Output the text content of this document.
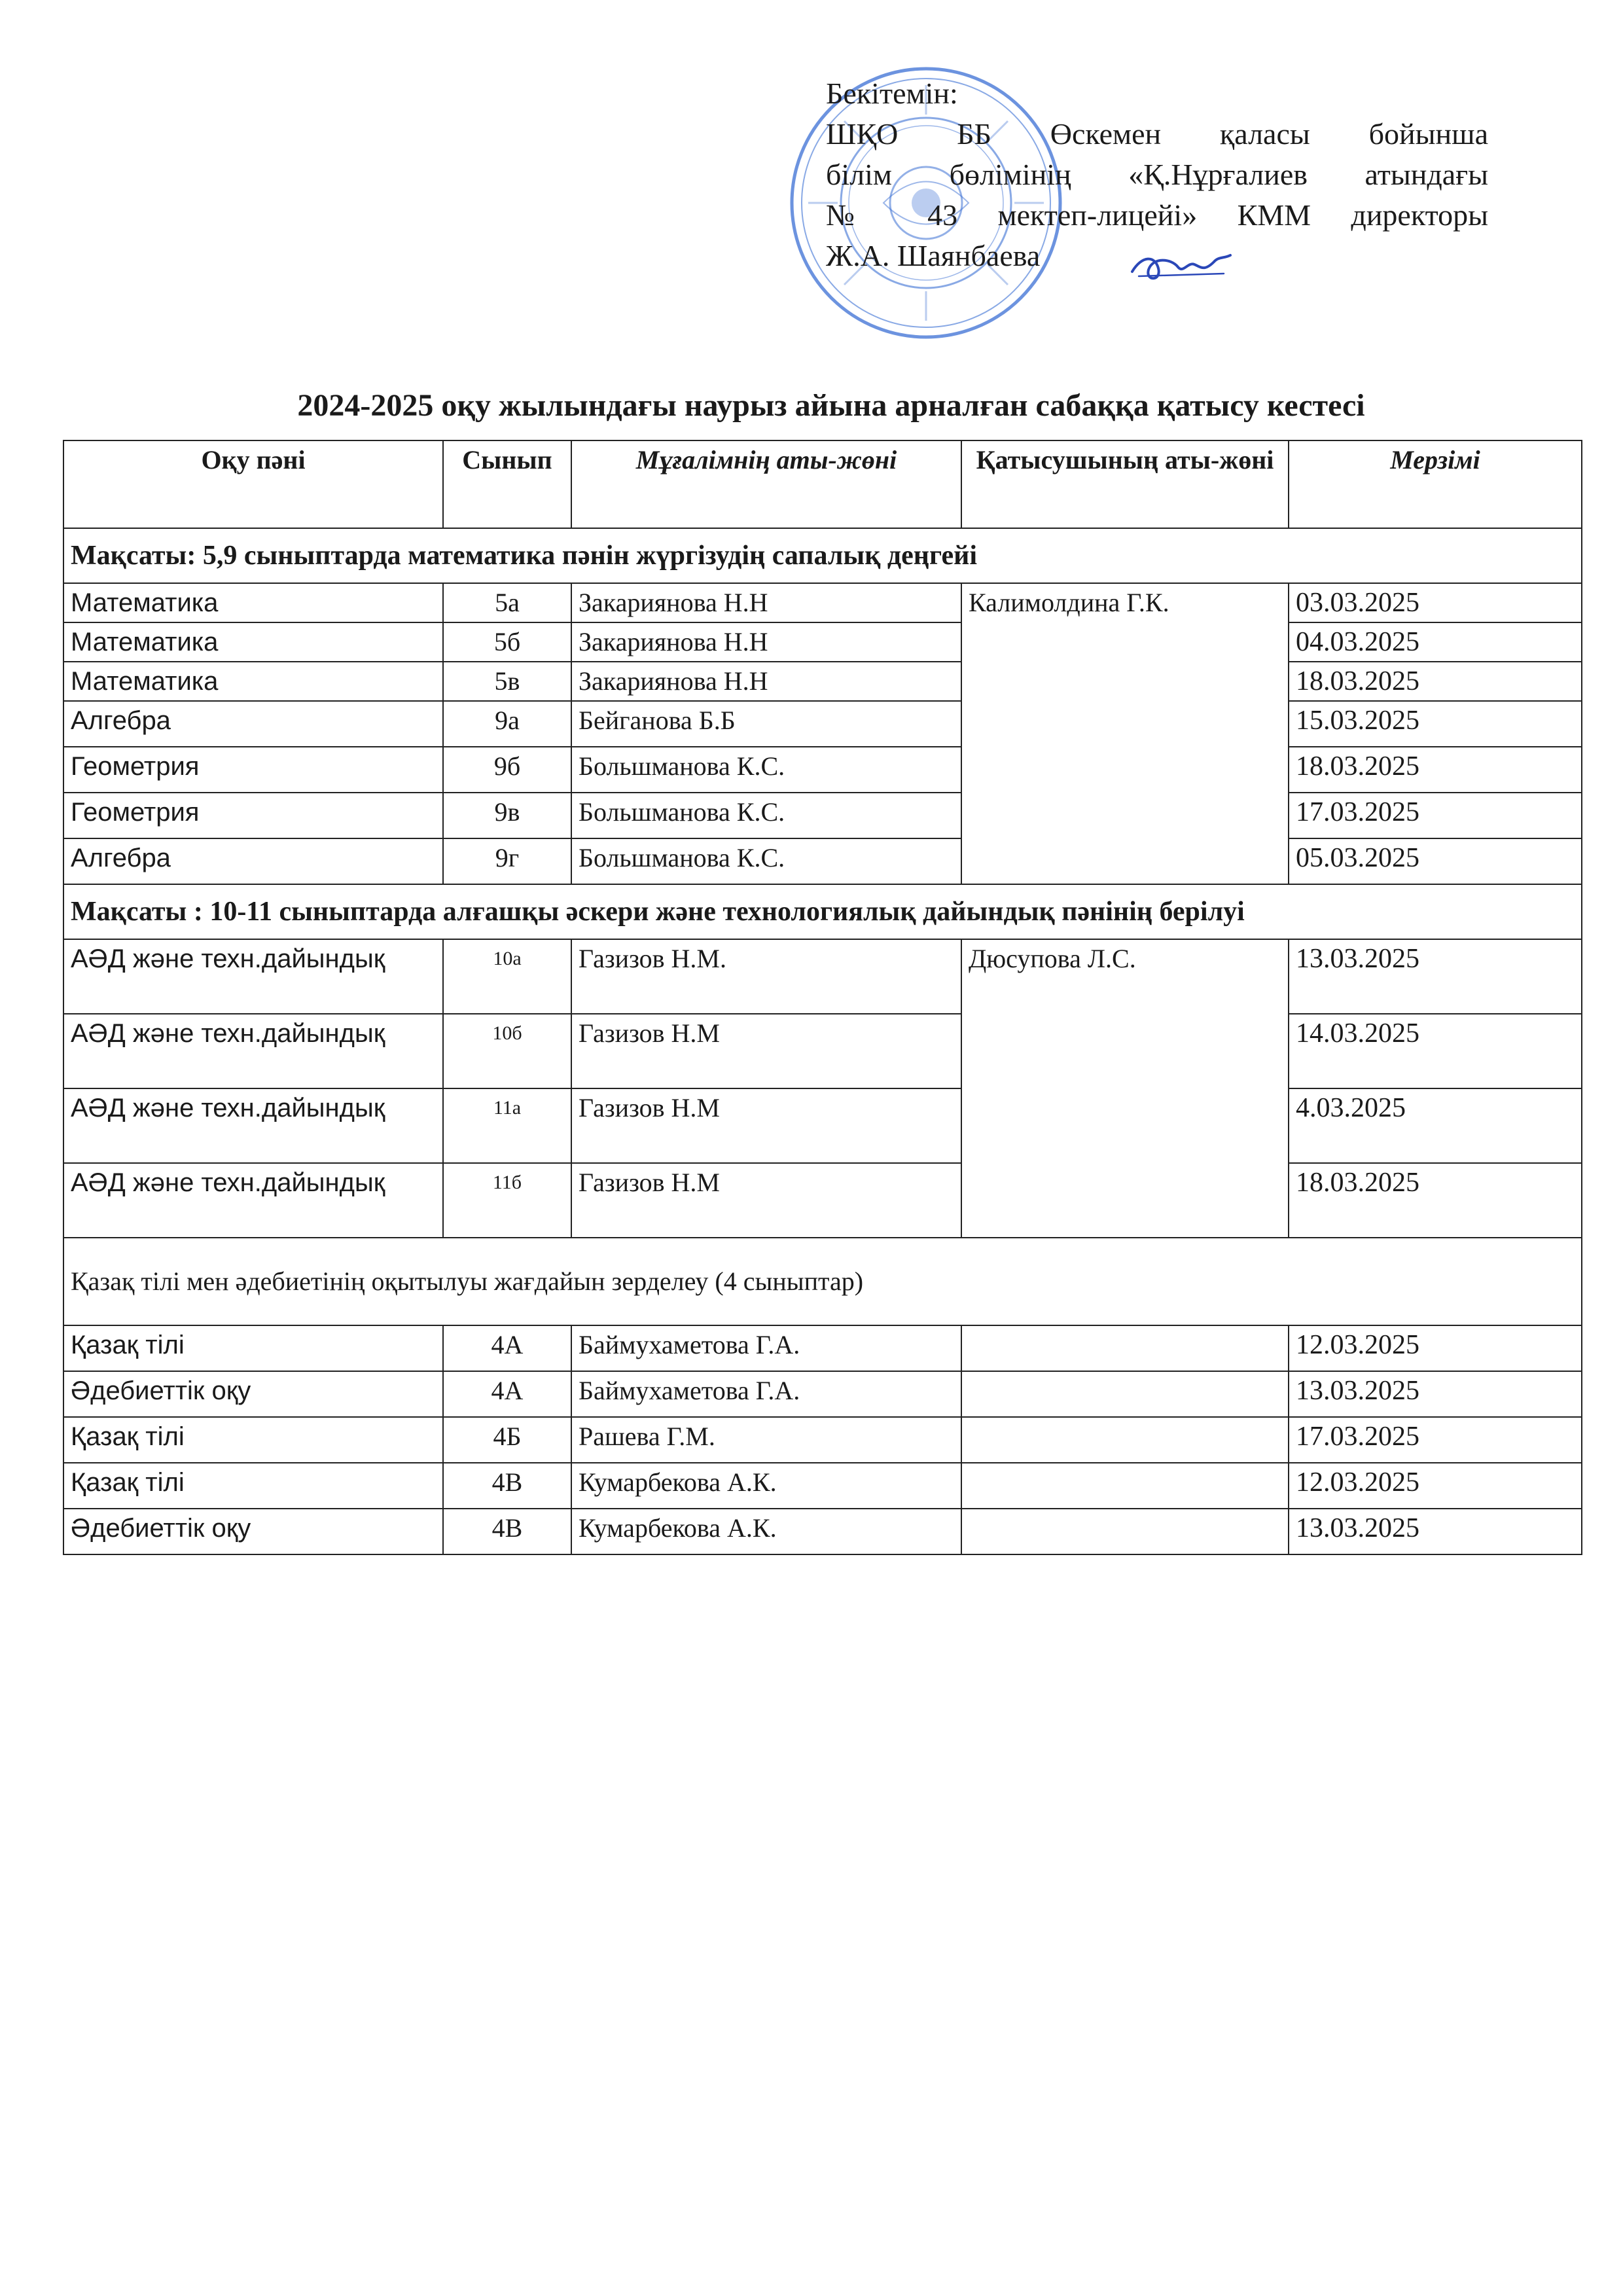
Бекітемін:
ШҚО ББ Өскемен қаласы бойынша
білім бөлімінің «Қ.Нұрғалиев атындағы
№ 43 мектеп-лицейі» КММ директоры
Ж.А. Шаянбаева
2024-2025 оқу жылындағы наурыз айына арналған сабаққа қатысу кестесі
Оқу пәні	Сынып	Мұғалімнің аты-жөні	Қатысушының аты-жөні	Мерзімі
Мақсаты: 5,9 сыныптарда математика пәнін жүргізудің сапалық деңгейі				
Математика	5а	Закариянова Н.Н	Калимолдина Г.К.	03.03.2025
Математика	5б	Закариянова Н.Н		04.03.2025
Математика	5в	Закариянова Н.Н		18.03.2025
Алгебра	9а	Бейганова Б.Б		15.03.2025
Геометрия	9б	Большманова К.С.		18.03.2025
Геометрия	9в	Большманова К.С.		17.03.2025
Алгебра	9г	Большманова К.С.		05.03.2025
Мақсаты : 10-11 сыныптарда алғашқы әскери және технологиялық дайындық пәнінің берілуі				
АӘД және техн.дайындық	10а	Газизов Н.М.	Дюсупова Л.С.	13.03.2025
АӘД және техн.дайындық	10б	Газизов Н.М		14.03.2025
АӘД және техн.дайындық	11а	Газизов Н.М		4.03.2025
АӘД және техн.дайындық	11б	Газизов Н.М		18.03.2025
Қазақ тілі мен әдебиетінің оқытылуы жағдайын зерделеу (4 сыныптар)				
Қазақ тілі	4А	Баймухаметова Г.А.		12.03.2025
Әдебиеттік оқу	4А	Баймухаметова Г.А.		13.03.2025
Қазақ тілі	4Б	Рашева Г.М.		17.03.2025
Қазақ тілі	4В	Кумарбекова А.К.		12.03.2025
Әдебиеттік оқу	4В	Кумарбекова А.К.		13.03.2025
